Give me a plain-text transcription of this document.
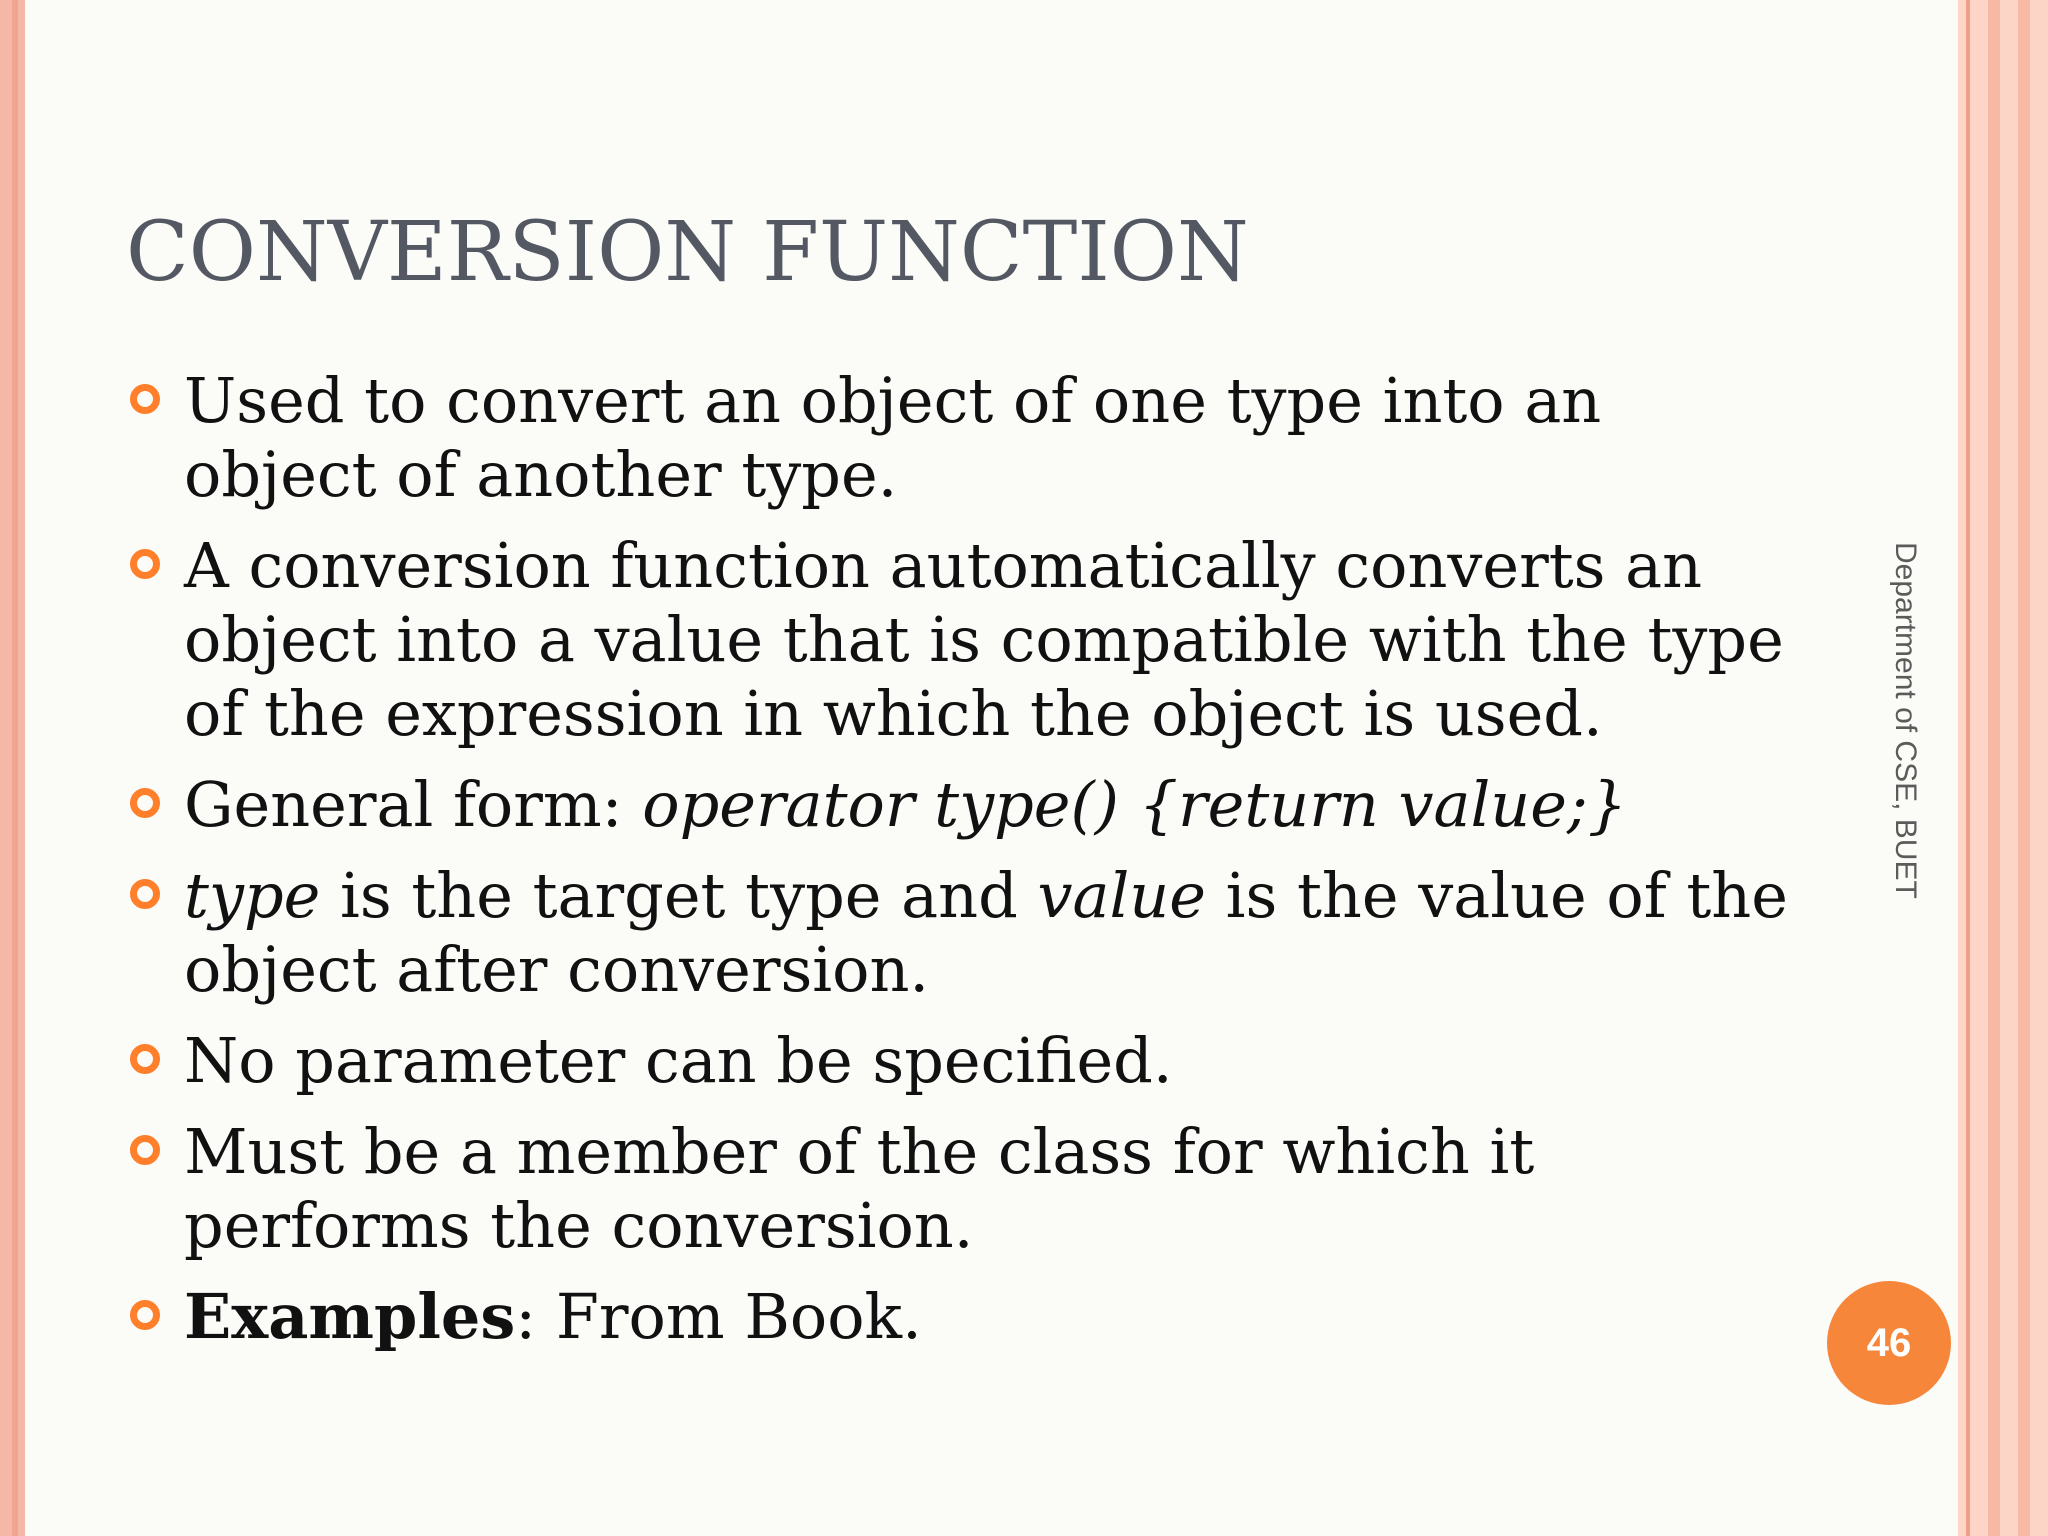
CONVERSION FUNCTION
Used to convert an object of one type into an object of another type.
A conversion function automatically converts an object into a value that is compatible with the type of the expression in which the object is used.
General form: operator type() {return value;}
type is the target type and value is the value of the object after conversion.
No parameter can be specified.
Must be a member of the class for which it performs the conversion.
Examples: From Book.
Department of CSE, BUET
46
